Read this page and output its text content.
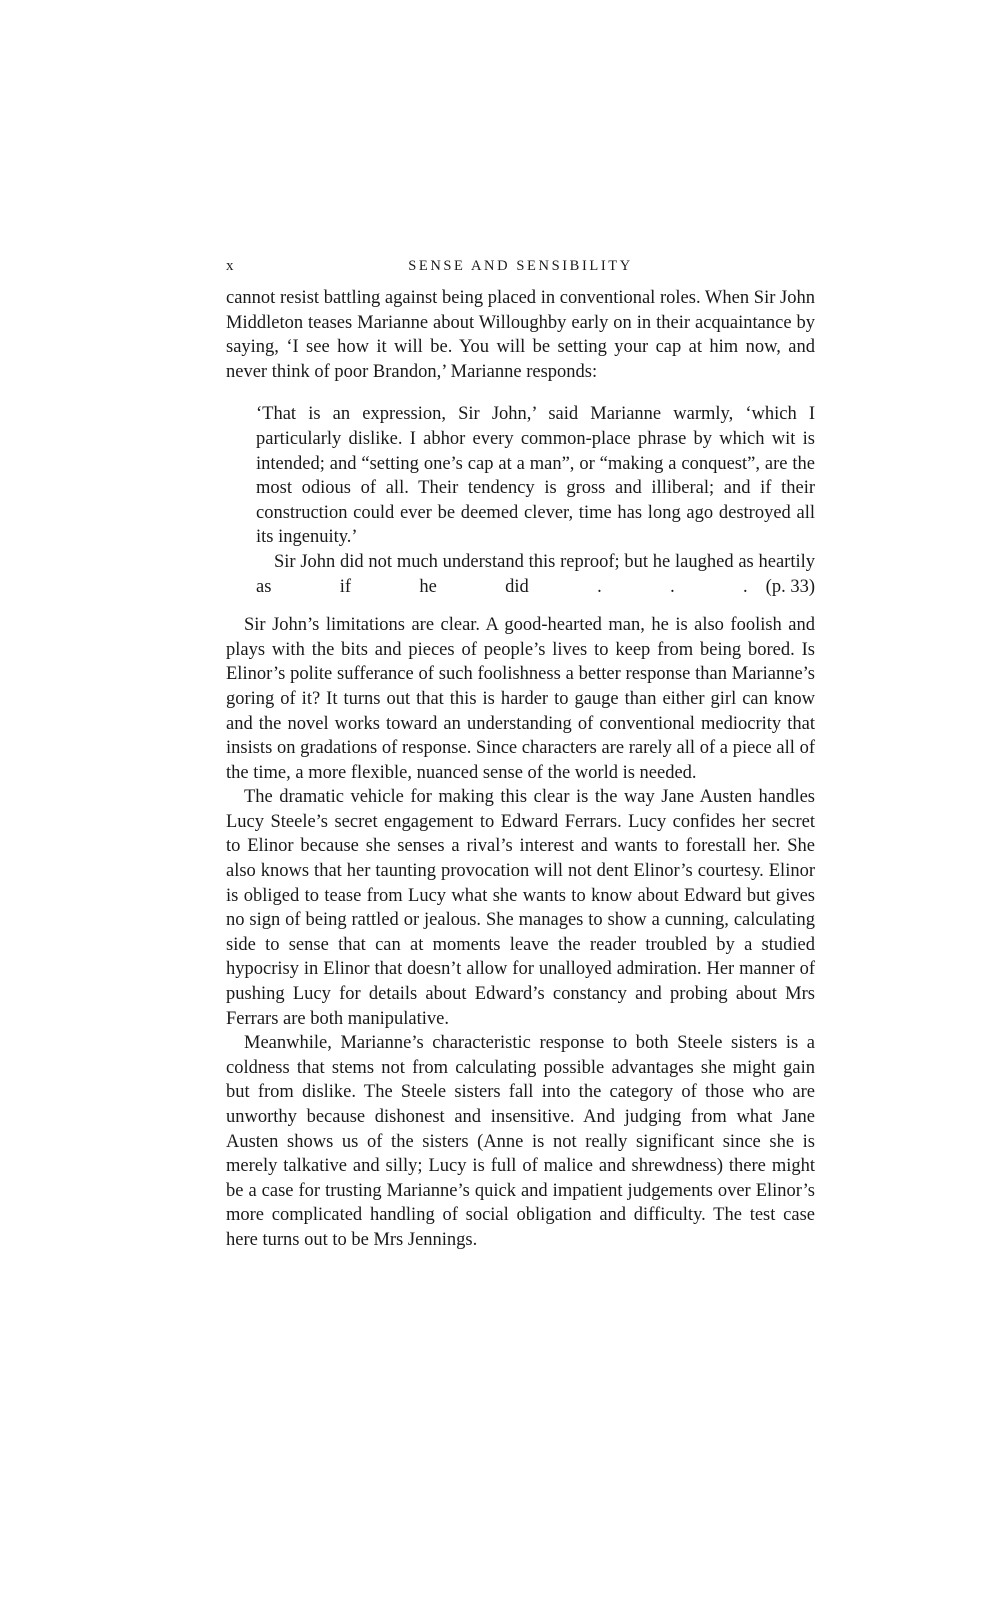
x	SENSE AND SENSIBILITY

cannot resist battling against being placed in conventional roles. When Sir John Middleton teases Marianne about Willoughby early on in their acquaintance by saying, ‘I see how it will be. You will be setting your cap at him now, and never think of poor Brandon,’ Marianne responds:

‘That is an expression, Sir John,’ said Marianne warmly, ‘which I particularly dislike. I abhor every common-place phrase by which wit is intended; and “setting one’s cap at a man”, or “making a conquest”, are the most odious of all. Their tendency is gross and illiberal; and if their construction could ever be deemed clever, time has long ago destroyed all its ingenuity.’

Sir John did not much understand this reproof; but he laughed as heartily as if he did . . . (p. 33)

Sir John’s limitations are clear. A good-hearted man, he is also foolish and plays with the bits and pieces of people’s lives to keep from being bored. Is Elinor’s polite sufferance of such foolishness a better response than Marianne’s goring of it? It turns out that this is harder to gauge than either girl can know and the novel works toward an understanding of conventional mediocrity that insists on gradations of response. Since characters are rarely all of a piece all of the time, a more flexible, nuanced sense of the world is needed.

The dramatic vehicle for making this clear is the way Jane Austen handles Lucy Steele’s secret engagement to Edward Ferrars. Lucy confides her secret to Elinor because she senses a rival’s interest and wants to forestall her. She also knows that her taunting provocation will not dent Elinor’s courtesy. Elinor is obliged to tease from Lucy what she wants to know about Edward but gives no sign of being rattled or jealous. She manages to show a cunning, calculating side to sense that can at moments leave the reader troubled by a studied hypocrisy in Elinor that doesn’t allow for unalloyed admiration. Her manner of pushing Lucy for details about Edward’s constancy and probing about Mrs Ferrars are both manipulative.

Meanwhile, Marianne’s characteristic response to both Steele sisters is a coldness that stems not from calculating possible advantages she might gain but from dislike. The Steele sisters fall into the category of those who are unworthy because dishonest and insensitive. And judging from what Jane Austen shows us of the sisters (Anne is not really significant since she is merely talkative and silly; Lucy is full of malice and shrewdness) there might be a case for trusting Marianne’s quick and impatient judgements over Elinor’s more complicated handling of social obligation and difficulty. The test case here turns out to be Mrs Jennings.
